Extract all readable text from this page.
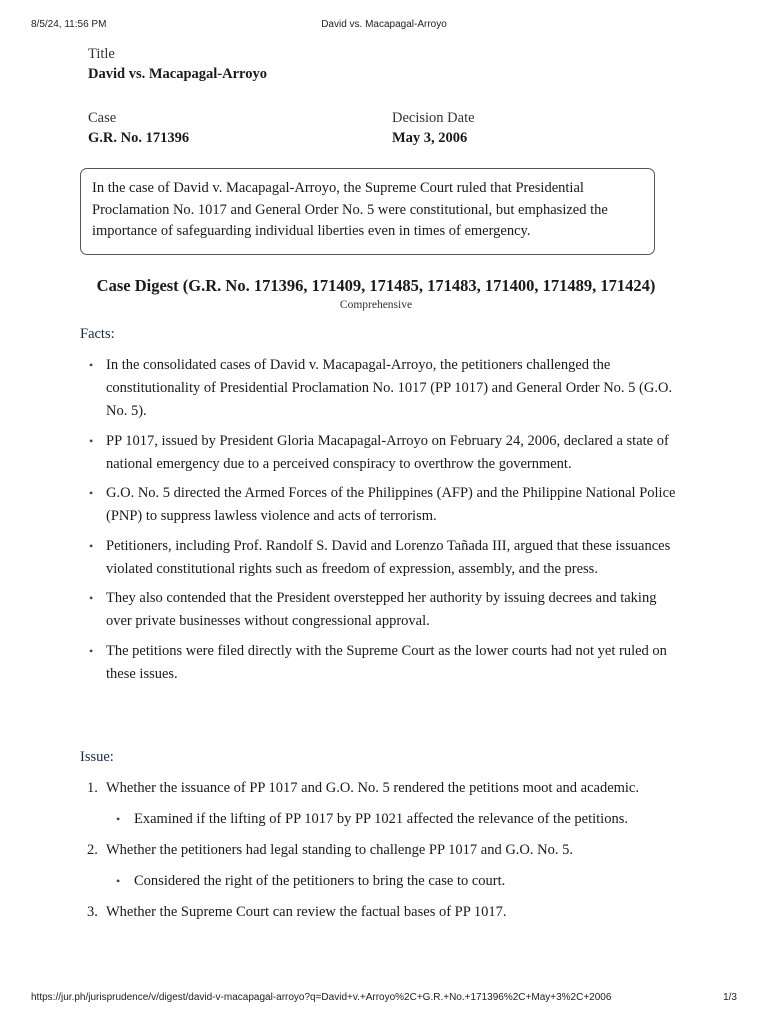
8/5/24, 11:56 PM	David vs. Macapagal-Arroyo
Title
David vs. Macapagal-Arroyo
Case
G.R. No. 171396
Decision Date
May 3, 2006
In the case of David v. Macapagal-Arroyo, the Supreme Court ruled that Presidential Proclamation No. 1017 and General Order No. 5 were constitutional, but emphasized the importance of safeguarding individual liberties even in times of emergency.
Case Digest (G.R. No. 171396, 171409, 171485, 171483, 171400, 171489, 171424)
Comprehensive
Facts:
• In the consolidated cases of David v. Macapagal-Arroyo, the petitioners challenged the constitutionality of Presidential Proclamation No. 1017 (PP 1017) and General Order No. 5 (G.O. No. 5).
• PP 1017, issued by President Gloria Macapagal-Arroyo on February 24, 2006, declared a state of national emergency due to a perceived conspiracy to overthrow the government.
• G.O. No. 5 directed the Armed Forces of the Philippines (AFP) and the Philippine National Police (PNP) to suppress lawless violence and acts of terrorism.
• Petitioners, including Prof. Randolf S. David and Lorenzo Tañada III, argued that these issuances violated constitutional rights such as freedom of expression, assembly, and the press.
• They also contended that the President overstepped her authority by issuing decrees and taking over private businesses without congressional approval.
• The petitions were filed directly with the Supreme Court as the lower courts had not yet ruled on these issues.
Issue:
1. Whether the issuance of PP 1017 and G.O. No. 5 rendered the petitions moot and academic.
• Examined if the lifting of PP 1017 by PP 1021 affected the relevance of the petitions.
2. Whether the petitioners had legal standing to challenge PP 1017 and G.O. No. 5.
• Considered the right of the petitioners to bring the case to court.
3. Whether the Supreme Court can review the factual bases of PP 1017.
https://jur.ph/jurisprudence/v/digest/david-v-macapagal-arroyo?q=David+v.+Arroyo%2C+G.R.+No.+171396%2C+May+3%2C+2006	1/3
